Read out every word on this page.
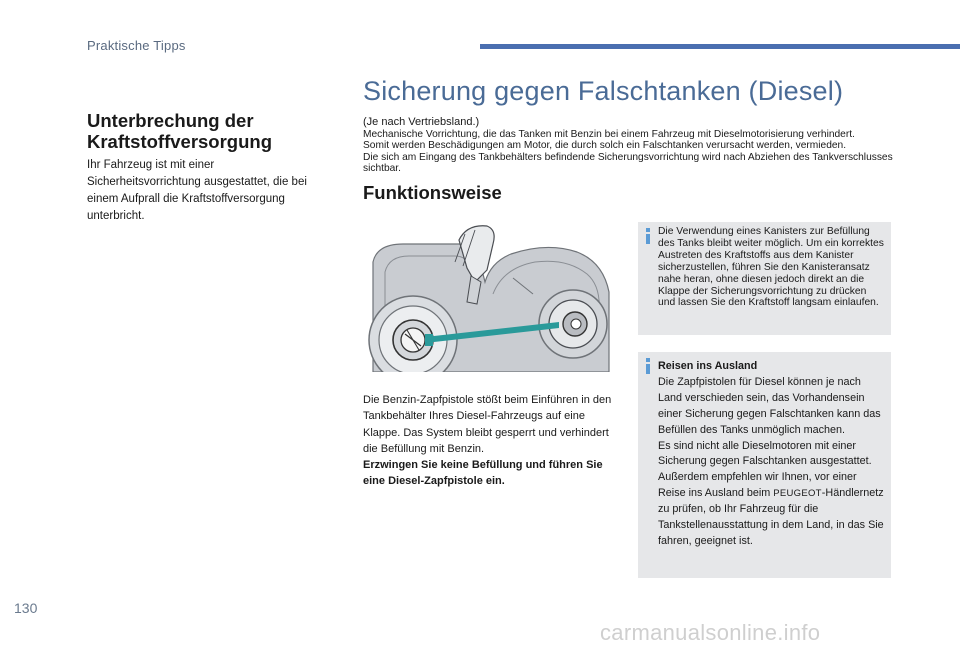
Praktische Tipps
Unterbrechung der Kraftstoffversorgung
Ihr Fahrzeug ist mit einer Sicherheitsvorrichtung ausgestattet, die bei einem Aufprall die Kraftstoffversorgung unterbricht.
Sicherung gegen Falschtanken (Diesel)
(Je nach Vertriebsland.)
Mechanische Vorrichtung, die das Tanken mit Benzin bei einem Fahrzeug mit Dieselmotorisierung verhindert.
Somit werden Beschädigungen am Motor, die durch solch ein Falschtanken verursacht werden, vermieden.
Die sich am Eingang des Tankbehälters befindende Sicherungsvorrichtung wird nach Abziehen des Tankverschlusses sichtbar.
Funktionsweise
Die Benzin-Zapfpistole stößt beim Einführen in den Tankbehälter Ihres Diesel-Fahrzeugs auf eine Klappe. Das System bleibt gesperrt und verhindert die Befüllung mit Benzin.
Erzwingen Sie keine Befüllung und führen Sie eine Diesel-Zapfpistole ein.
Die Verwendung eines Kanisters zur Befüllung des Tanks bleibt weiter möglich. Um ein korrektes Austreten des Kraftstoffs aus dem Kanister sicherzustellen, führen Sie den Kanisteransatz nahe heran, ohne diesen jedoch direkt an die Klappe der Sicherungsvorrichtung zu drücken und lassen Sie den Kraftstoff langsam einlaufen.
Reisen ins Ausland
Die Zapfpistolen für Diesel können je nach Land verschieden sein, das Vorhandensein einer Sicherung gegen Falschtanken kann das Befüllen des Tanks unmöglich machen.
Es sind nicht alle Dieselmotoren mit einer Sicherung gegen Falschtanken ausgestattet. Außerdem empfehlen wir Ihnen, vor einer Reise ins Ausland beim PEUGEOT-Händlernetz zu prüfen, ob Ihr Fahrzeug für die Tankstellenausstattung in dem Land, in das Sie fahren, geeignet ist.
130
carmanualsonline.info
